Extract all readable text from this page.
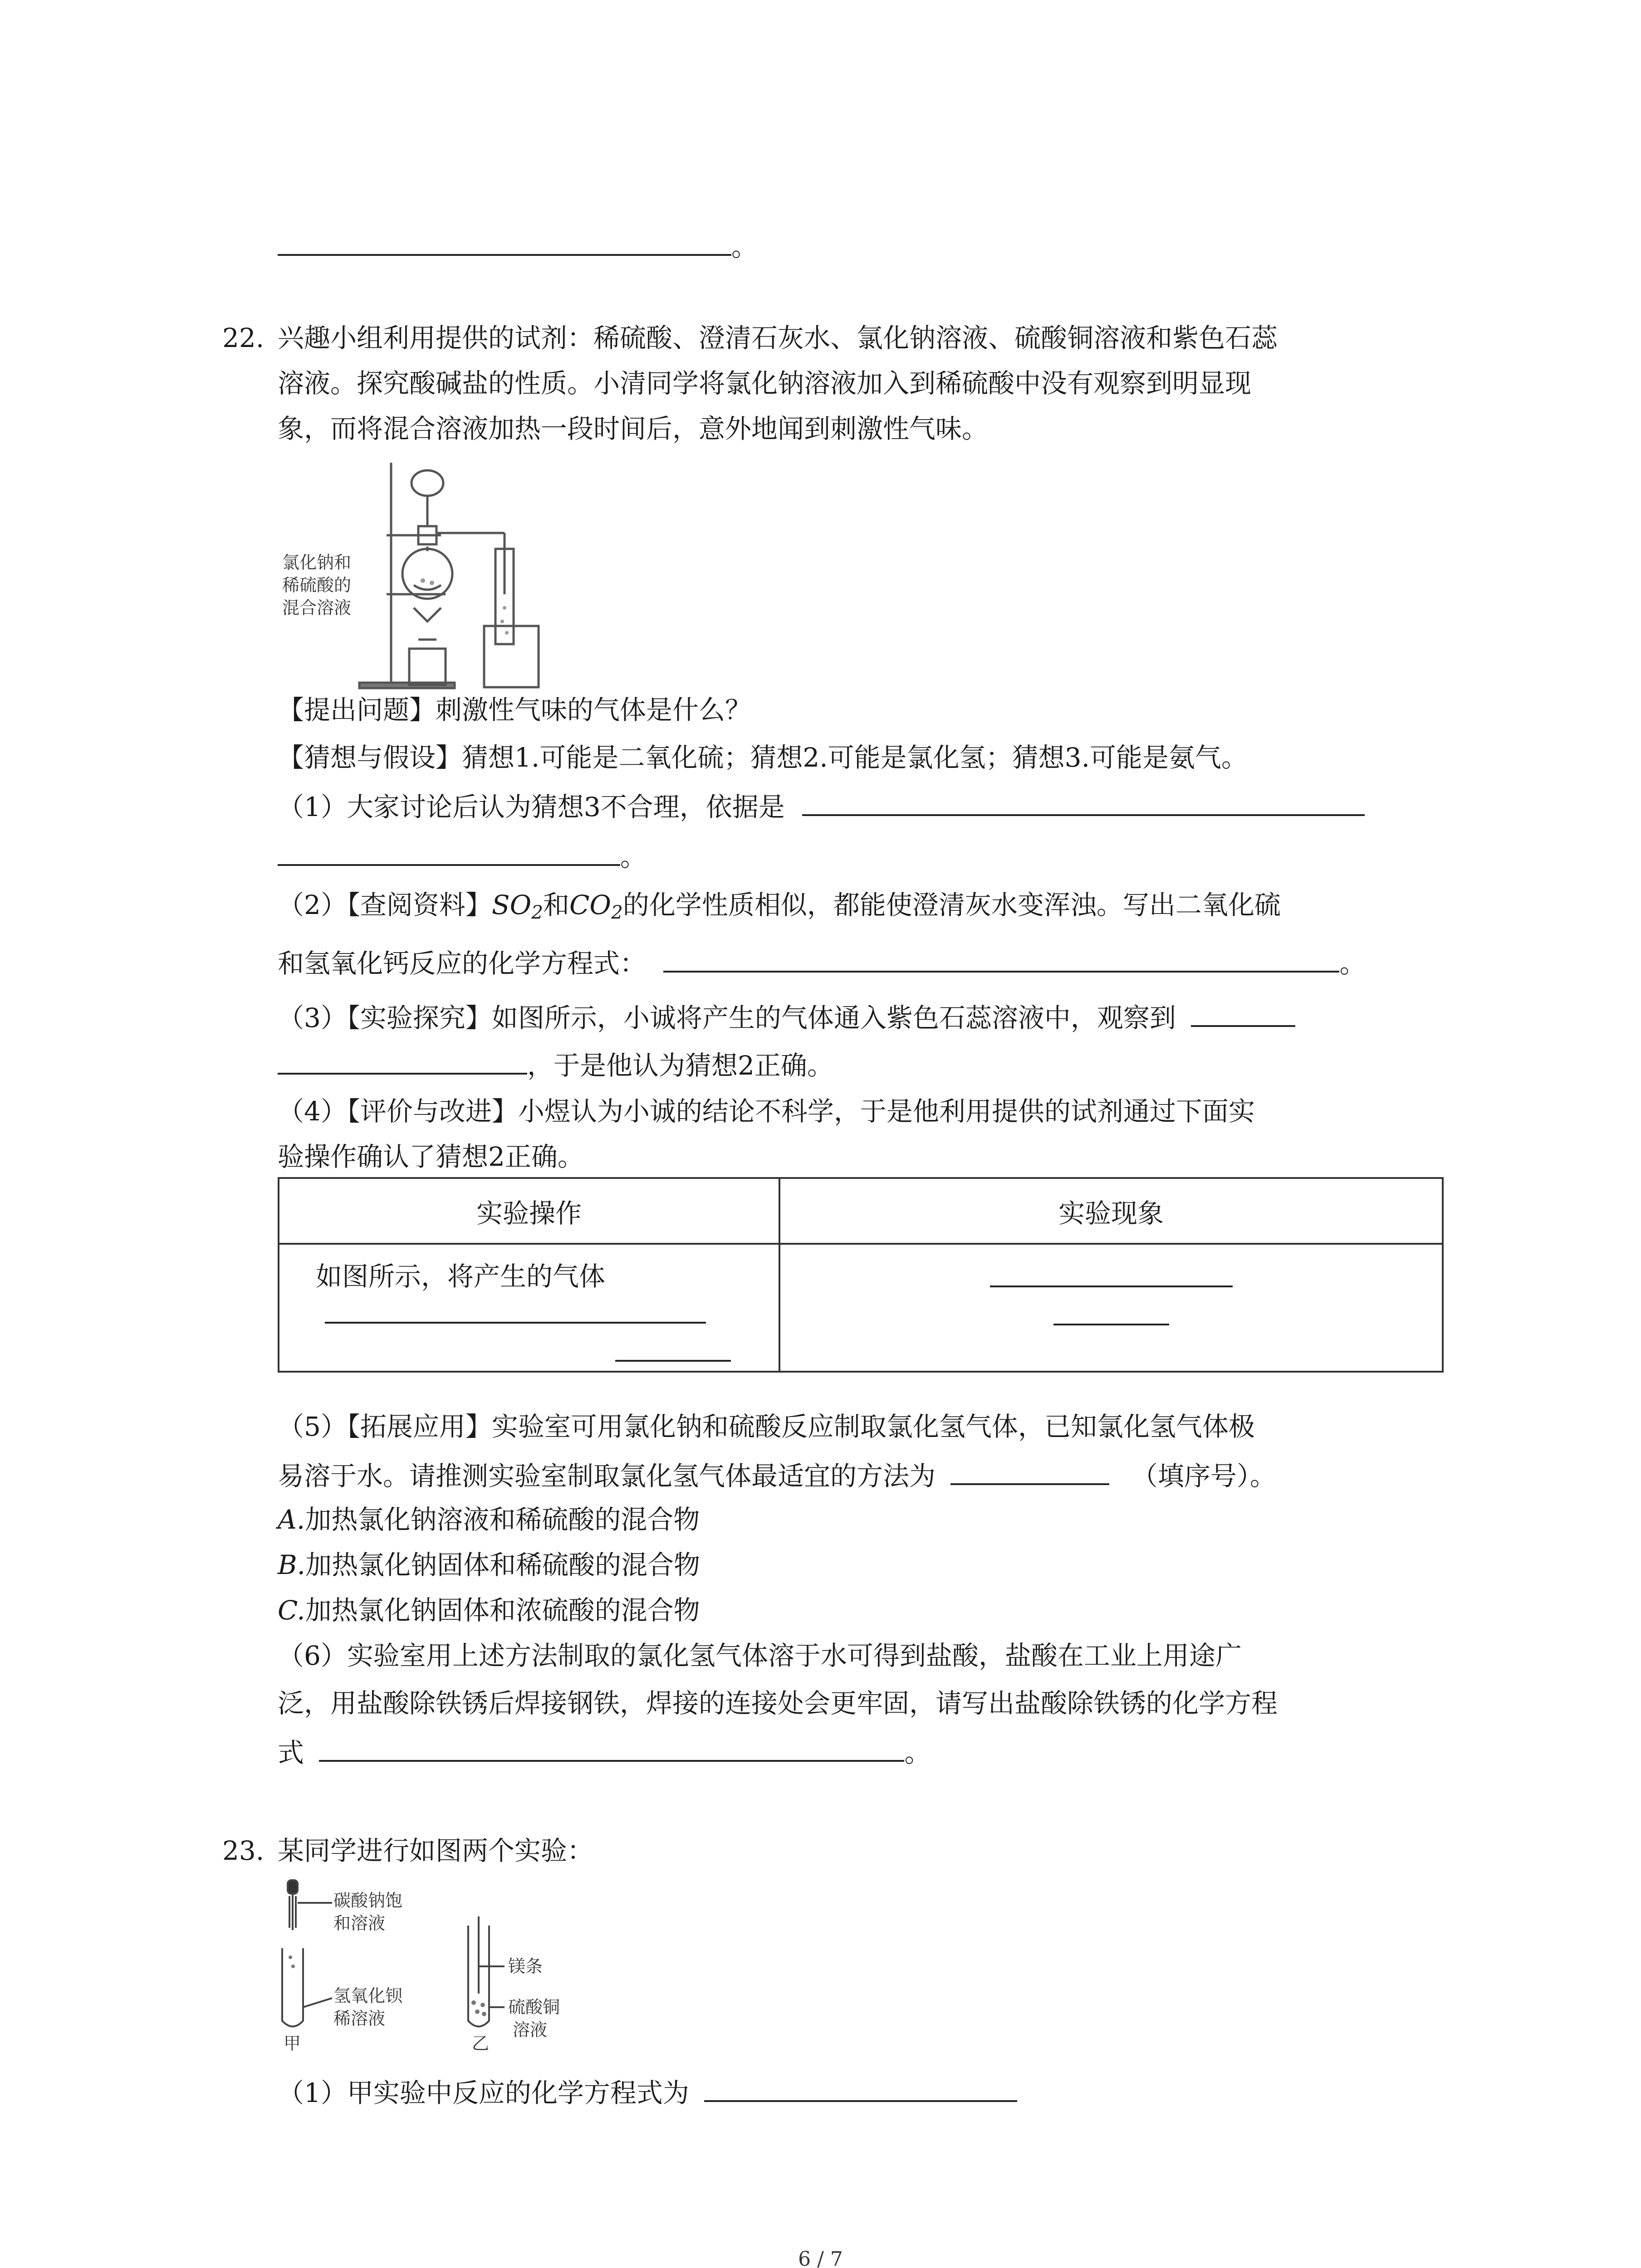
。
22. 兴趣小组利用提供的试剂：稀硫酸、澄清石灰水、氯化钠溶液、硫酸铜溶液和紫色石蕊
溶液。探究酸碱盐的性质。小清同学将氯化钠溶液加入到稀硫酸中没有观察到明显现
象，而将混合溶液加热一段时间后，意外地闻到刺激性气味。
氯化钠和
稀硫酸的
混合溶液
【提出问题】刺激性气味的气体是什么？
【猜想与假设】猜想1.可能是二氧化硫；猜想2.可能是氯化氢；猜想3.可能是氨气。
（1）大家讨论后认为猜想3不合理，依据是
。
（2）【查阅资料】$SO_2$和$CO_2$的化学性质相似，都能使澄清灰水变浑浊。写出二氧化硫
和氢氧化钙反应的化学方程式：	。
（3）【实验探究】如图所示，小诚将产生的气体通入紫色石蕊溶液中，观察到
，于是他认为猜想2正确。
（4）【评价与改进】小煜认为小诚的结论不科学，于是他利用提供的试剂通过下面实
验操作确认了猜想2正确。
实验操作	实验现象

如图所示，将产生的气体	

（5）【拓展应用】实验室可用氯化钠和硫酸反应制取氯化氢气体，已知氯化氢气体极
易溶于水。请推测实验室制取氯化氢气体最适宜的方法为	（填序号）。
A.加热氯化钠溶液和稀硫酸的混合物
B.加热氯化钠固体和稀硫酸的混合物
C.加热氯化钠固体和浓硫酸的混合物
（6）实验室用上述方法制取的氯化氢气体溶于水可得到盐酸，盐酸在工业上用途广
泛，用盐酸除铁锈后焊接钢铁，焊接的连接处会更牢固，请写出盐酸除铁锈的化学方程
式	。
23. 某同学进行如图两个实验：
碳酸钠饱
和溶液
氢氧化钡
稀溶液
甲
镁条
硫酸铜
溶液
乙
（1）甲实验中反应的化学方程式为
6 / 7
